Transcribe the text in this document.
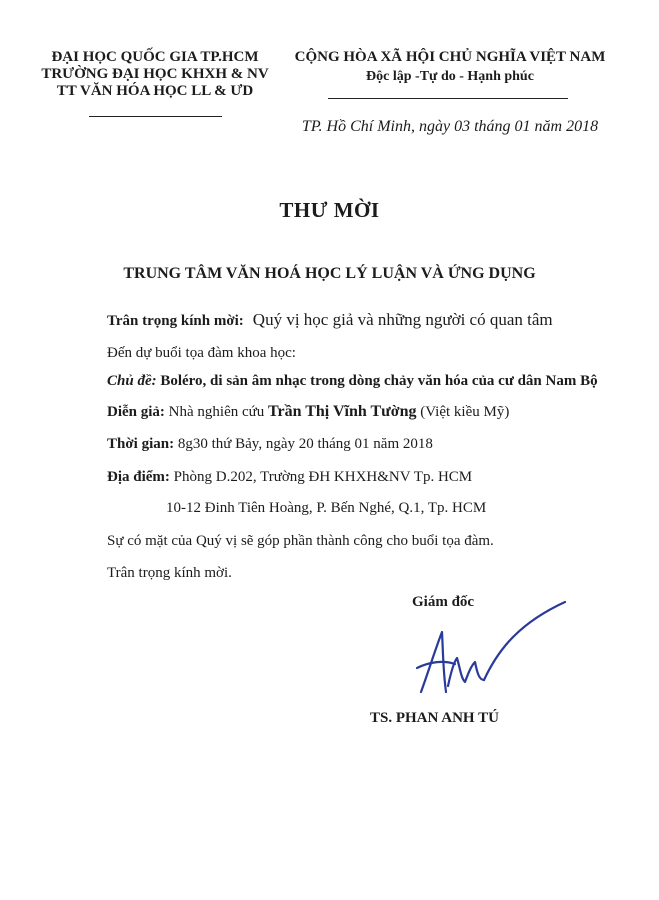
ĐẠI HỌC QUỐC GIA TP.HCM
TRƯỜNG ĐẠI HỌC KHXH & NV
TT VĂN HÓA HỌC LL & ƯD
CỘNG HÒA XÃ HỘI CHỦ NGHĨA VIỆT NAM
Độc lập -Tự do - Hạnh phúc
TP. Hồ Chí Minh, ngày 03 tháng 01 năm 2018
THƯ MỜI
TRUNG TÂM VĂN HOÁ HỌC LÝ LUẬN VÀ ỨNG DỤNG
Trân trọng kính mời: Quý vị học giả và những người có quan tâm
Đến dự buổi tọa đàm khoa học:
Chủ đề: Boléro, di sản âm nhạc trong dòng chảy văn hóa của cư dân Nam Bộ
Diễn giả: Nhà nghiên cứu Trần Thị Vĩnh Tường (Việt kiều Mỹ)
Thời gian: 8g30 thứ Bảy, ngày 20 tháng 01 năm 2018
Địa điểm: Phòng D.202, Trường ĐH KHXH&NV Tp. HCM
10-12 Đinh Tiên Hoàng, P. Bến Nghé, Q.1, Tp. HCM
Sự có mặt của Quý vị sẽ góp phần thành công cho buổi tọa đàm.
Trân trọng kính mời.
Giám đốc
TS. PHAN ANH TÚ
